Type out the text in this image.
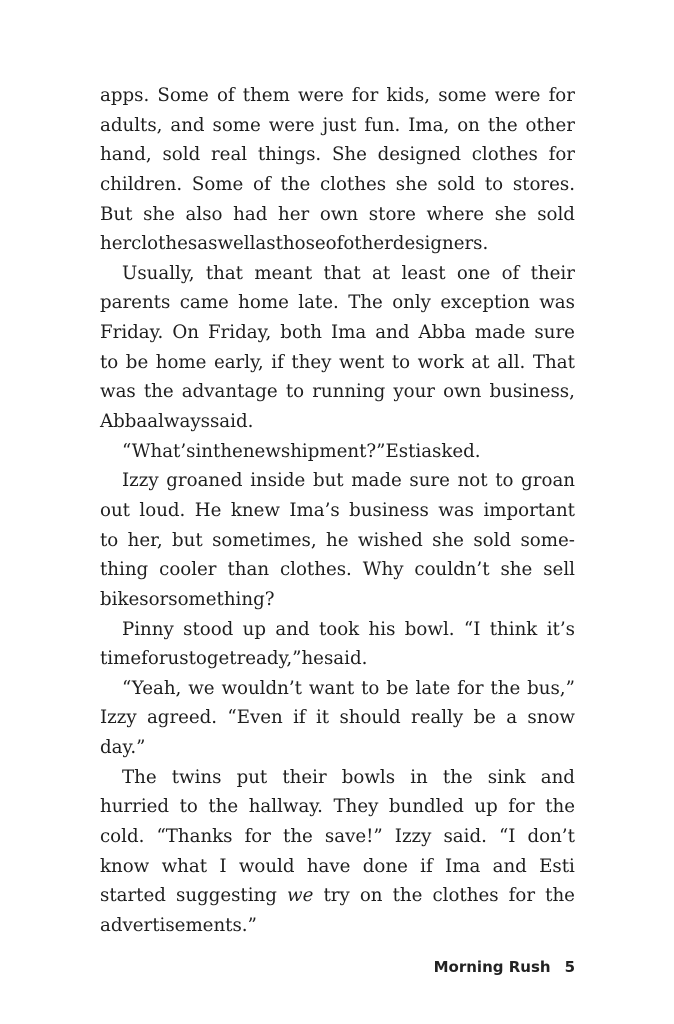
apps. Some of them were for kids, some were for
adults, and some were just fun. Ima, on the other
hand, sold real things. She designed clothes for
children. Some of the clothes she sold to stores.
But she also had her own store where she sold
her clothes as well as those of other designers.
Usually, that meant that at least one of their
parents came home late. The only exception was
Friday. On Friday, both Ima and Abba made sure
to be home early, if they went to work at all. That
was the advantage to running your own business,
Abba always said.
“What’s in the new shipment?” Esti asked.
Izzy groaned inside but made sure not to groan
out loud. He knew Ima’s business was important
to her, but sometimes, he wished she sold some-
thing cooler than clothes. Why couldn’t she sell
bikes or something?
Pinny stood up and took his bowl. “I think it’s
time for us to get ready,” he said.
“Yeah, we wouldn’t want to be late for the bus,”
Izzy agreed. “Even if it should really be a snow
day.”
The twins put their bowls in the sink and
hurried to the hallway. They bundled up for the
cold. “Thanks for the save!” Izzy said. “I don’t
know what I would have done if Ima and Esti
started suggesting we try on the clothes for the
advertisements.”
Morning Rush 5
